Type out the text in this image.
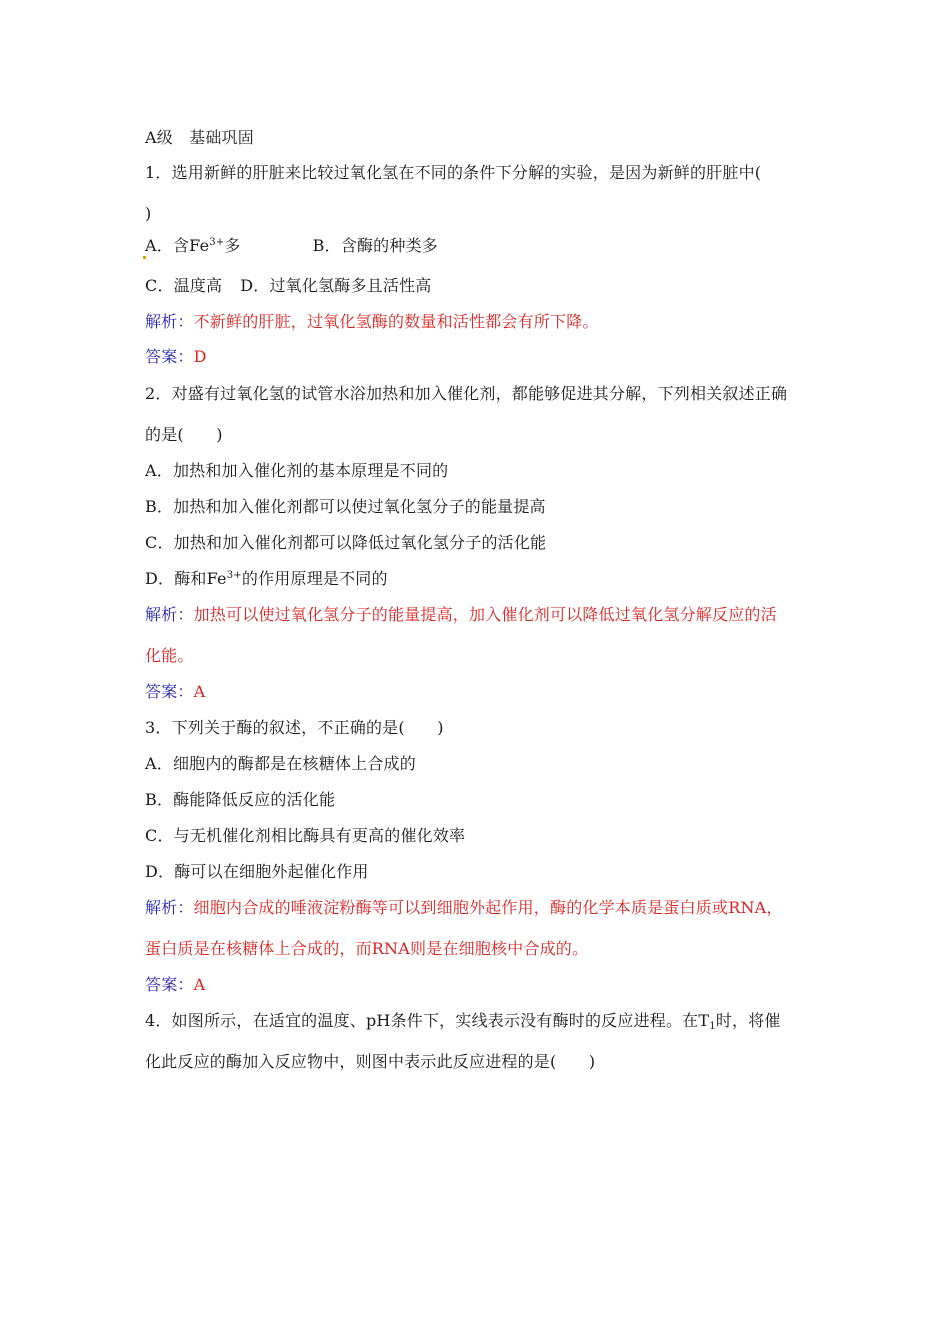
A级　基础巩固
1．选用新鲜的肝脏来比较过氧化氢在不同的条件下分解的实验，是因为新鲜的肝脏中(
)
A．含$Fe^{3+}$多	B．含酶的种类多
C．温度高 D．过氧化氢酶多且活性高
解析：不新鲜的肝脏，过氧化氢酶的数量和活性都会有所下降。
答案：D
2．对盛有过氧化氢的试管水浴加热和加入催化剂，都能够促进其分解，下列相关叙述正确
的是(　　)
A．加热和加入催化剂的基本原理是不同的
B．加热和加入催化剂都可以使过氧化氢分子的能量提高
C．加热和加入催化剂都可以降低过氧化氢分子的活化能
D．酶和$Fe^{3+}$的作用原理是不同的
解析：加热可以使过氧化氢分子的能量提高，加入催化剂可以降低过氧化氢分解反应的活
化能。
答案：A
3．下列关于酶的叙述，不正确的是(　　)
A．细胞内的酶都是在核糖体上合成的
B．酶能降低反应的活化能
C．与无机催化剂相比酶具有更高的催化效率
D．酶可以在细胞外起催化作用
解析：细胞内合成的唾液淀粉酶等可以到细胞外起作用，酶的化学本质是蛋白质或RNA，
蛋白质是在核糖体上合成的，而RNA则是在细胞核中合成的。
答案：A
4．如图所示，在适宜的温度、pH条件下，实线表示没有酶时的反应进程。在$T_1$时，将催
化此反应的酶加入反应物中，则图中表示此反应进程的是(　　)
